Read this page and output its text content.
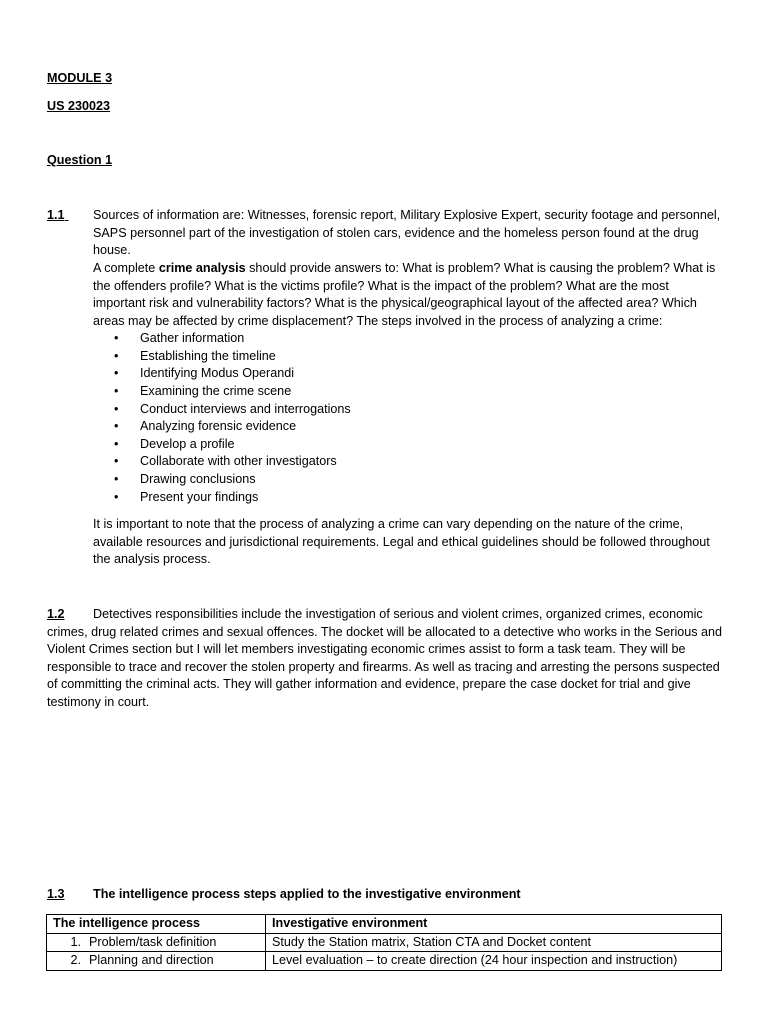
MODULE 3
US 230023
Question 1
1.1
Sources of information are: Witnesses, forensic report, Military Explosive Expert, security footage and personnel, SAPS personnel part of the investigation of stolen cars, evidence and the homeless person found at the drug house.
A complete crime analysis should provide answers to: What is problem? What is causing the problem? What is the offenders profile? What is the victims profile? What is the impact of the problem? What are the most important risk and vulnerability factors? What is the physical/geographical layout of the affected area? Which areas may be affected by crime displacement? The steps involved in the process of analyzing a crime:
• Gather information
• Establishing the timeline
• Identifying Modus Operandi
• Examining the crime scene
• Conduct interviews and interrogations
• Analyzing forensic evidence
• Develop a profile
• Collaborate with other investigators
• Drawing conclusions
• Present your findings
It is important to note that the process of analyzing a crime can vary depending on the nature of the crime, available resources and jurisdictional requirements. Legal and ethical guidelines should be followed throughout the analysis process.
1.2 Detectives responsibilities include the investigation of serious and violent crimes, organized crimes, economic crimes, drug related crimes and sexual offences. The docket will be allocated to a detective who works in the Serious and Violent Crimes section but I will let members investigating economic crimes assist to form a task team. They will be responsible to trace and recover the stolen property and firearms. As well as tracing and arresting the persons suspected of committing the criminal acts. They will gather information and evidence, prepare the case docket for trial and give testimony in court.
1.3 The intelligence process steps applied to the investigative environment
The intelligence process	Investigative environment
1. Problem/task definition	Study the Station matrix, Station CTA and Docket content
2. Planning and direction	Level evaluation – to create direction (24 hour inspection and instruction)
